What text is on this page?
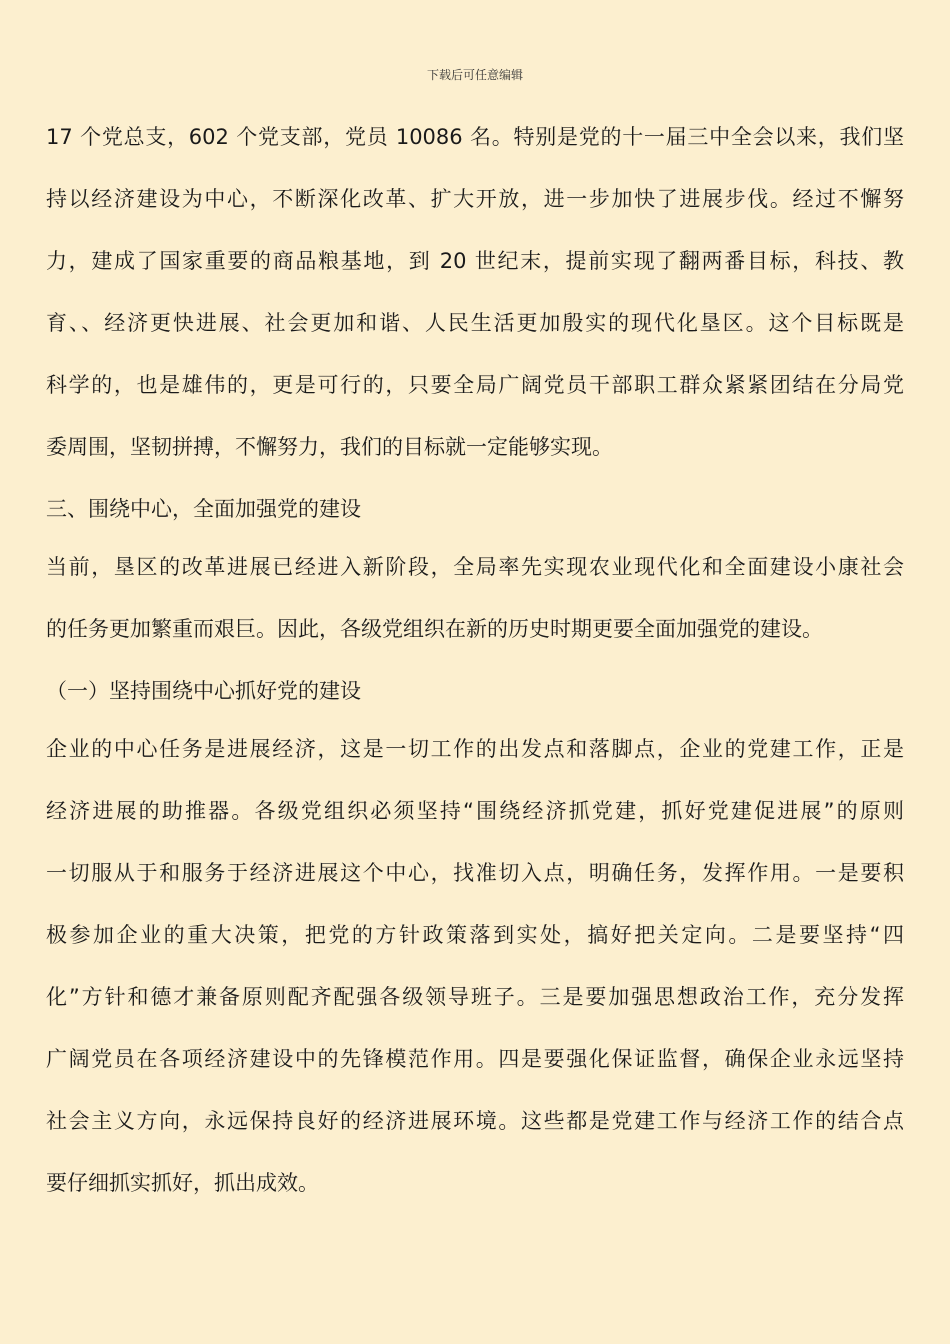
下载后可任意编辑
17 个党总支，602 个党支部，党员 10086 名。特别是党的十一届三中全会以来，我们坚
持以经济建设为中心，不断深化改革、扩大开放，进一步加快了进展步伐。经过不懈努
力，建成了国家重要的商品粮基地，到 20 世纪末，提前实现了翻两番目标，科技、教
育、、经济更快进展、社会更加和谐、人民生活更加殷实的现代化垦区。这个目标既是
科学的，也是雄伟的，更是可行的，只要全局广阔党员干部职工群众紧紧团结在分局党
委周围，坚韧拼搏，不懈努力，我们的目标就一定能够实现。
三、围绕中心，全面加强党的建设
当前，垦区的改革进展已经进入新阶段，全局率先实现农业现代化和全面建设小康社会
的任务更加繁重而艰巨。因此，各级党组织在新的历史时期更要全面加强党的建设。
（一）坚持围绕中心抓好党的建设
企业的中心任务是进展经济，这是一切工作的出发点和落脚点，企业的党建工作，正是
经济进展的助推器。各级党组织必须坚持“围绕经济抓党建，抓好党建促进展”的原则
一切服从于和服务于经济进展这个中心，找准切入点，明确任务，发挥作用。一是要积
极参加企业的重大决策，把党的方针政策落到实处，搞好把关定向。二是要坚持“四
化”方针和德才兼备原则配齐配强各级领导班子。三是要加强思想政治工作，充分发挥
广阔党员在各项经济建设中的先锋模范作用。四是要强化保证监督，确保企业永远坚持
社会主义方向，永远保持良好的经济进展环境。这些都是党建工作与经济工作的结合点
要仔细抓实抓好，抓出成效。
